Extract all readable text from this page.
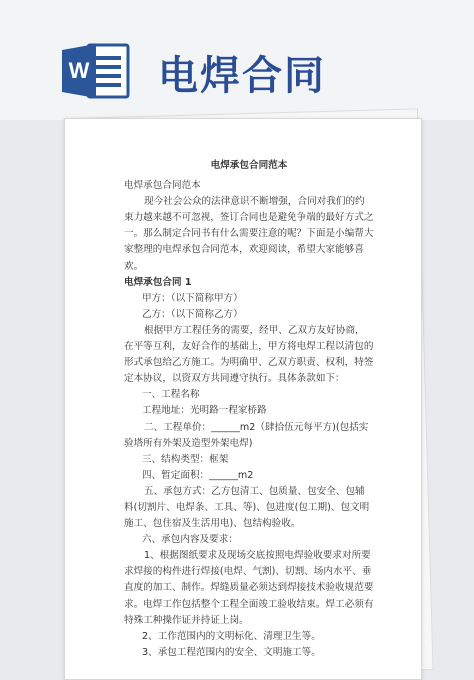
W 电焊合同

电焊承包合同范本

电焊承包合同范本

现今社会公众的法律意识不断增强，合同对我们的约束力越来越不可忽视，签订合同也是避免争端的最好方式之一。那么制定合同书有什么需要注意的呢？下面是小编帮大家整理的电焊承包合同范本，欢迎阅读，希望大家能够喜欢。

电焊承包合同 1

甲方：（以下简称甲方）

乙方：（以下简称乙方）

根据甲方工程任务的需要，经甲、乙双方友好协商，在平等互利，友好合作的基础上，甲方将电焊工程以清包的形式承包给乙方施工。为明确甲、乙双方职责、权利，特签定本协议，以资双方共同遵守执行。具体条款如下：

一、工程名称

工程地址：光明路一程家桥路

二、工程单价：______m2（肆拾伍元每平方)(包括实验塔所有外架及造型外架电焊)

三、结构类型：框架

四、暂定面积：______m2

五、承包方式：乙方包清工、包质量、包安全、包辅料(切割片、电焊条、工具、等)、包进度(包工期)、包文明施工、包住宿及生活用电)、包结构验收。

六、承包内容及要求：

1、根据图纸要求及现场交底按照电焊验收要求对所要求焊接的构件进行焊接(电焊、气割)、切割、场内水平、垂直度的加工、制作。焊缝质量必须达到焊接技术验收规范要求。电焊工作包括整个工程全面竣工验收结束。焊工必须有特殊工种操作证并持证上岗。

2、工作范围内的文明标化、清理卫生等。

3、承包工程范围内的安全、文明施工等。
